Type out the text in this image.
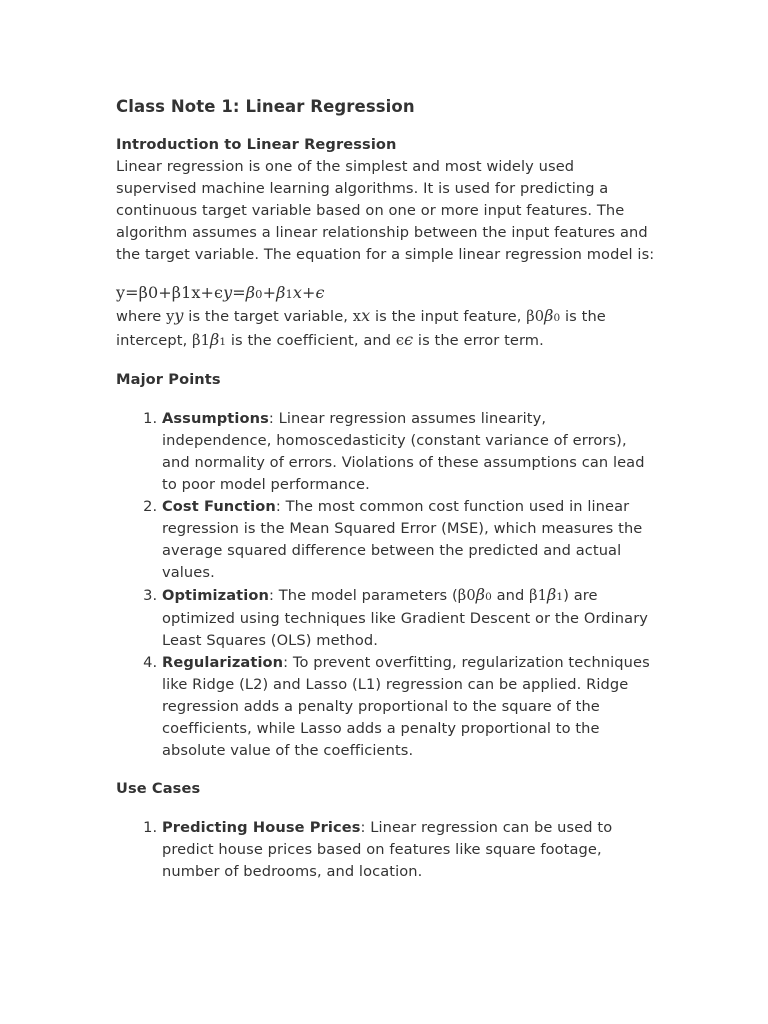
Class Note 1: Linear Regression
Introduction to Linear Regression

Linear regression is one of the simplest and most widely used supervised machine learning algorithms. It is used for predicting a continuous target variable based on one or more input features. The algorithm assumes a linear relationship between the input features and the target variable. The equation for a simple linear regression model is:

y=β0+β1x+ϵy=β0+β1x+ϵ
where yy is the target variable, xx is the input feature, β0β0 is the intercept, β1β1 is the coefficient, and ϵϵ is the error term.
Major Points
1. Assumptions: Linear regression assumes linearity, independence, homoscedasticity (constant variance of errors), and normality of errors. Violations of these assumptions can lead to poor model performance.
2. Cost Function: The most common cost function used in linear regression is the Mean Squared Error (MSE), which measures the average squared difference between the predicted and actual values.
3. Optimization: The model parameters (β0β0 and β1β1) are optimized using techniques like Gradient Descent or the Ordinary Least Squares (OLS) method.
4. Regularization: To prevent overfitting, regularization techniques like Ridge (L2) and Lasso (L1) regression can be applied. Ridge regression adds a penalty proportional to the square of the coefficients, while Lasso adds a penalty proportional to the absolute value of the coefficients.
Use Cases
1. Predicting House Prices: Linear regression can be used to predict house prices based on features like square footage, number of bedrooms, and location.
